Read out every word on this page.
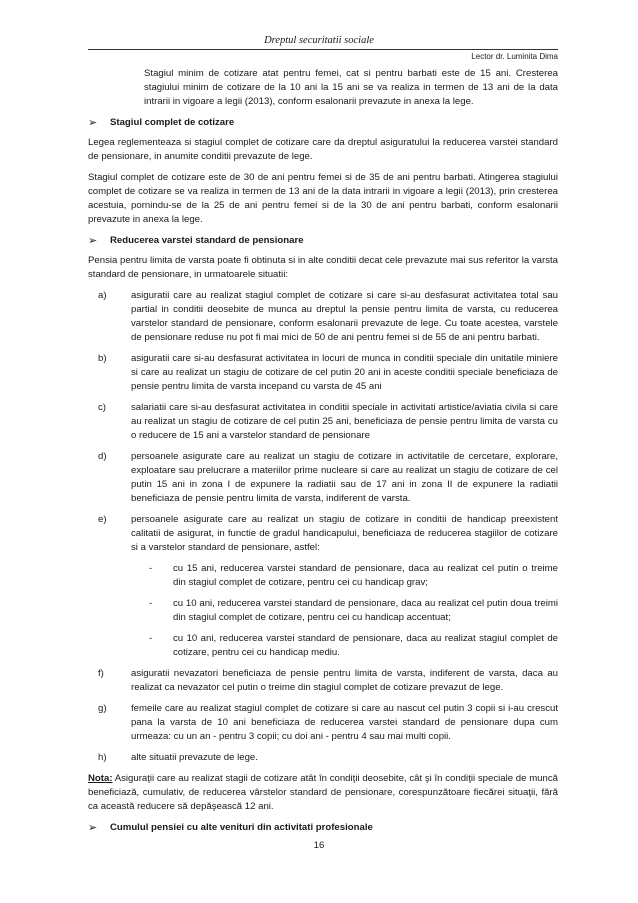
Dreptul securitatii sociale
Lector dr. Luminita Dima

Stagiul minim de cotizare atat pentru femei, cat si pentru barbati este de 15 ani. Cresterea stagiului minim de cotizare de la 10 ani la 15 ani se va realiza in termen de 13 ani de la data intrarii in vigoare a legii (2013), conform esalonarii prevazute in anexa la lege.

➢	Stagiul complet de cotizare

Legea reglementeaza si stagiul complet de cotizare care da dreptul asiguratului la reducerea varstei standard de pensionare, in anumite conditii prevazute de lege.

Stagiul complet de cotizare este de 30 de ani pentru femei si de 35 de ani pentru barbati. Atingerea stagiului complet de cotizare se va realiza in termen de 13 ani de la data intrarii in vigoare a legii (2013), prin cresterea acestuia, pornindu-se de la 25 de ani pentru femei si de la 30 de ani pentru barbati, conform esalonarii prevazute in anexa la lege.

➢	Reducerea varstei standard de pensionare

Pensia pentru limita de varsta poate fi obtinuta si in alte conditii decat cele prevazute mai sus referitor la varsta standard de pensionare, in urmatoarele situatii:

a)	asiguratii care au realizat stagiul complet de cotizare si care si-au desfasurat activitatea total sau partial in conditii deosebite de munca au dreptul la pensie pentru limita de varsta, cu reducerea varstelor standard de pensionare, conform esalonarii prevazute de lege. Cu toate acestea, varstele de pensionare reduse nu pot fi mai mici de 50 de ani pentru femei si de 55 de ani pentru barbati.
b)	asiguratii care si-au desfasurat activitatea in locuri de munca in conditii speciale din unitatile miniere si care au realizat un stagiu de cotizare de cel putin 20 ani in aceste conditii speciale beneficiaza de pensie pentru limita de varsta incepand cu varsta de 45 ani
c)	salariatii care si-au desfasurat activitatea in conditii speciale in activitati artistice/aviatia civila si care au realizat un stagiu de cotizare de cel putin 25 ani, beneficiaza de pensie pentru limita de varsta cu o reducere de 15 ani a varstelor standard de pensionare
d)	persoanele asigurate care au realizat un stagiu de cotizare in activitatile de cercetare, explorare, exploatare sau prelucrare a materiilor prime nucleare si care au realizat un stagiu de cotizare de cel putin 15 ani in zona I de expunere la radiatii sau de 17 ani in zona II de expunere la radiatii beneficiaza de pensie pentru limita de varsta, indiferent de varsta.
e)	persoanele asigurate care au realizat un stagiu de cotizare in conditii de handicap preexistent calitatii de asigurat, in functie de gradul handicapului, beneficiaza de reducerea stagiilor de cotizare si a varstelor standard de pensionare, astfel:
-	cu 15 ani, reducerea varstei standard de pensionare, daca au realizat cel putin o treime din stagiul complet de cotizare, pentru cei cu handicap grav;
-	cu 10 ani, reducerea varstei standard de pensionare, daca au realizat cel putin doua treimi din stagiul complet de cotizare, pentru cei cu handicap accentuat;
-	cu 10 ani, reducerea varstei standard de pensionare, daca au realizat stagiul complet de cotizare, pentru cei cu handicap mediu.
f)	asiguratii nevazatori beneficiaza de pensie pentru limita de varsta, indiferent de varsta, daca au realizat ca nevazator cel putin o treime din stagiul complet de cotizare prevazut de lege.
g)	femeile care au realizat stagiul complet de cotizare si care au nascut cel putin 3 copii si i-au crescut pana la varsta de 10 ani beneficiaza de reducerea varstei standard de pensionare dupa cum urmeaza: cu un an - pentru 3 copii; cu doi ani - pentru 4 sau mai multi copii.
h)	alte situatii prevazute de lege.

Nota: Asiguraţii care au realizat stagii de cotizare atât în condiţii deosebite, cât şi în condiţii speciale de muncă beneficiază, cumulativ, de reducerea vârstelor standard de pensionare, corespunzătoare fiecărei situaţii, fără ca această reducere să depăşească 12 ani.

➢	Cumulul pensiei cu alte venituri din activitati profesionale
16
